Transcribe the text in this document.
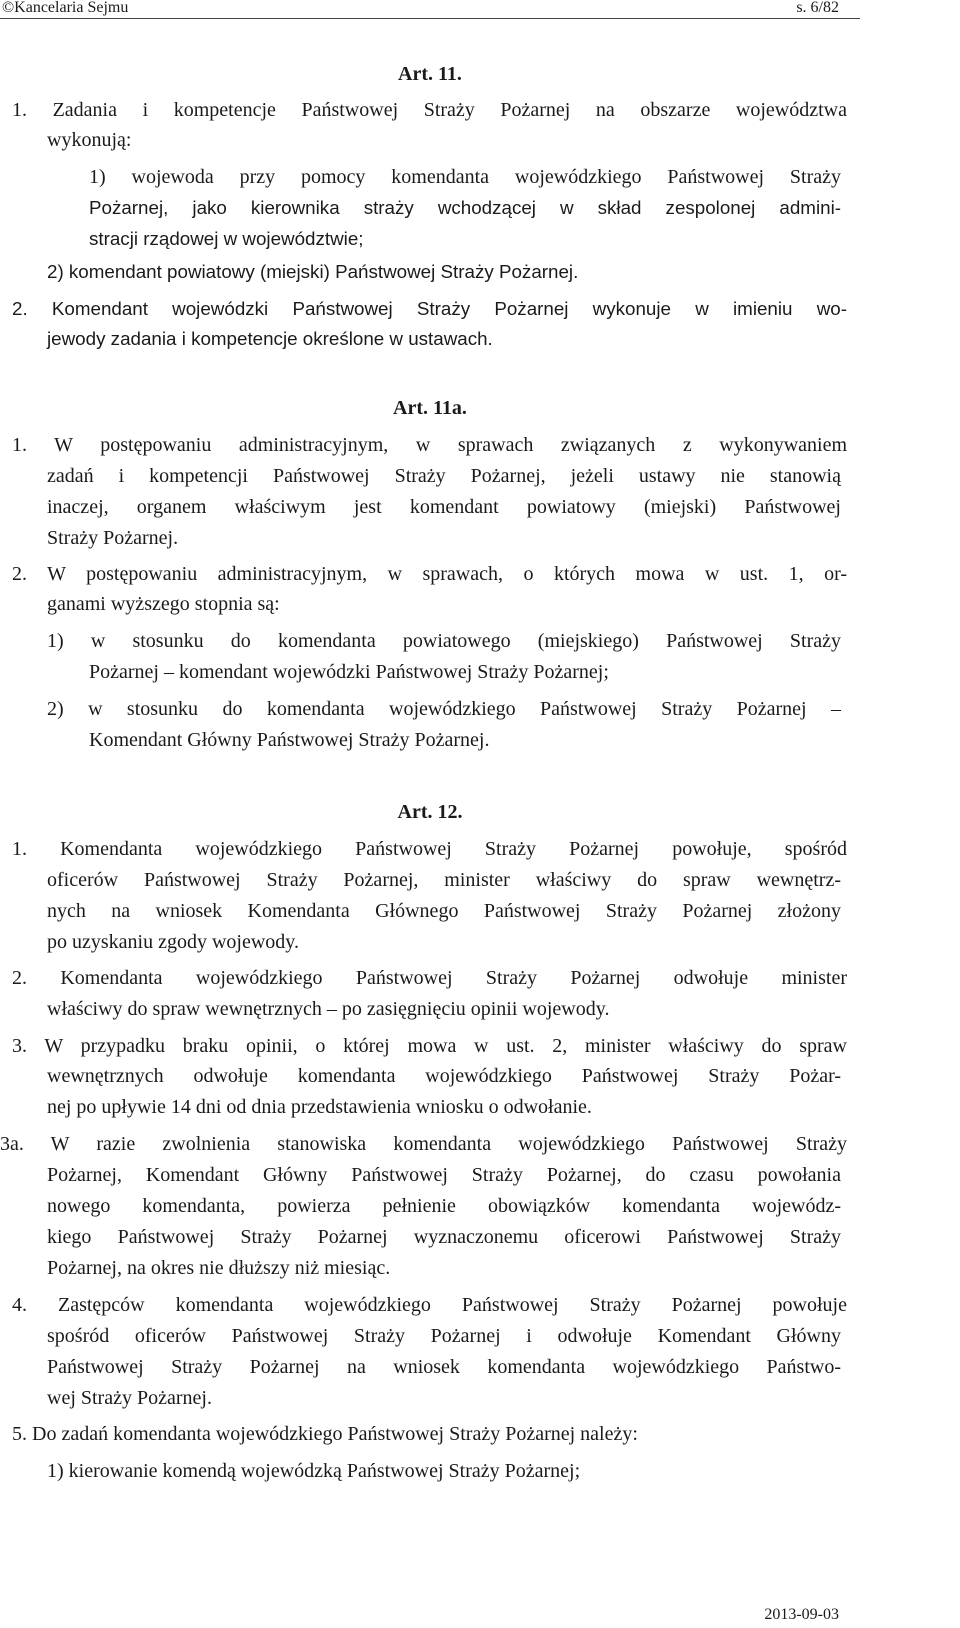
©Kancelaria Sejmu	s. 6/82
Art. 11.
1. Zadania i kompetencje Państwowej Straży Pożarnej na obszarze województwa
wykonują:
1) wojewoda przy pomocy komendanta wojewódzkiego Państwowej Straży
Pożarnej, jako kierownika straży wchodzącej w skład zespolonej admini-
stracji rządowej w województwie;
2) komendant powiatowy (miejski) Państwowej Straży Pożarnej.
2. Komendant wojewódzki Państwowej Straży Pożarnej wykonuje w imieniu wo-
jewody zadania i kompetencje określone w ustawach.
Art. 11a.
1. W postępowaniu administracyjnym, w sprawach związanych z wykonywaniem
zadań i kompetencji Państwowej Straży Pożarnej, jeżeli ustawy nie stanowią
inaczej, organem właściwym jest komendant powiatowy (miejski) Państwowej
Straży Pożarnej.
2. W postępowaniu administracyjnym, w sprawach, o których mowa w ust. 1, or-
ganami wyższego stopnia są:
1) w stosunku do komendanta powiatowego (miejskiego) Państwowej Straży
Pożarnej – komendant wojewódzki Państwowej Straży Pożarnej;
2) w stosunku do komendanta wojewódzkiego Państwowej Straży Pożarnej –
Komendant Główny Państwowej Straży Pożarnej.
Art. 12.
1. Komendanta wojewódzkiego Państwowej Straży Pożarnej powołuje, spośród
oficerów Państwowej Straży Pożarnej, minister właściwy do spraw wewnętrz-
nych na wniosek Komendanta Głównego Państwowej Straży Pożarnej złożony
po uzyskaniu zgody wojewody.
2. Komendanta wojewódzkiego Państwowej Straży Pożarnej odwołuje minister
właściwy do spraw wewnętrznych – po zasięgnięciu opinii wojewody.
3. W przypadku braku opinii, o której mowa w ust. 2, minister właściwy do spraw
wewnętrznych odwołuje komendanta wojewódzkiego Państwowej Straży Pożar-
nej po upływie 14 dni od dnia przedstawienia wniosku o odwołanie.
3a. W razie zwolnienia stanowiska komendanta wojewódzkiego Państwowej Straży
Pożarnej, Komendant Główny Państwowej Straży Pożarnej, do czasu powołania
nowego komendanta, powierza pełnienie obowiązków komendanta wojewódz-
kiego Państwowej Straży Pożarnej wyznaczonemu oficerowi Państwowej Straży
Pożarnej, na okres nie dłuższy niż miesiąc.
4. Zastępców komendanta wojewódzkiego Państwowej Straży Pożarnej powołuje
spośród oficerów Państwowej Straży Pożarnej i odwołuje Komendant Główny
Państwowej Straży Pożarnej na wniosek komendanta wojewódzkiego Państwo-
wej Straży Pożarnej.
5. Do zadań komendanta wojewódzkiego Państwowej Straży Pożarnej należy:
1) kierowanie komendą wojewódzką Państwowej Straży Pożarnej;
2013-09-03
